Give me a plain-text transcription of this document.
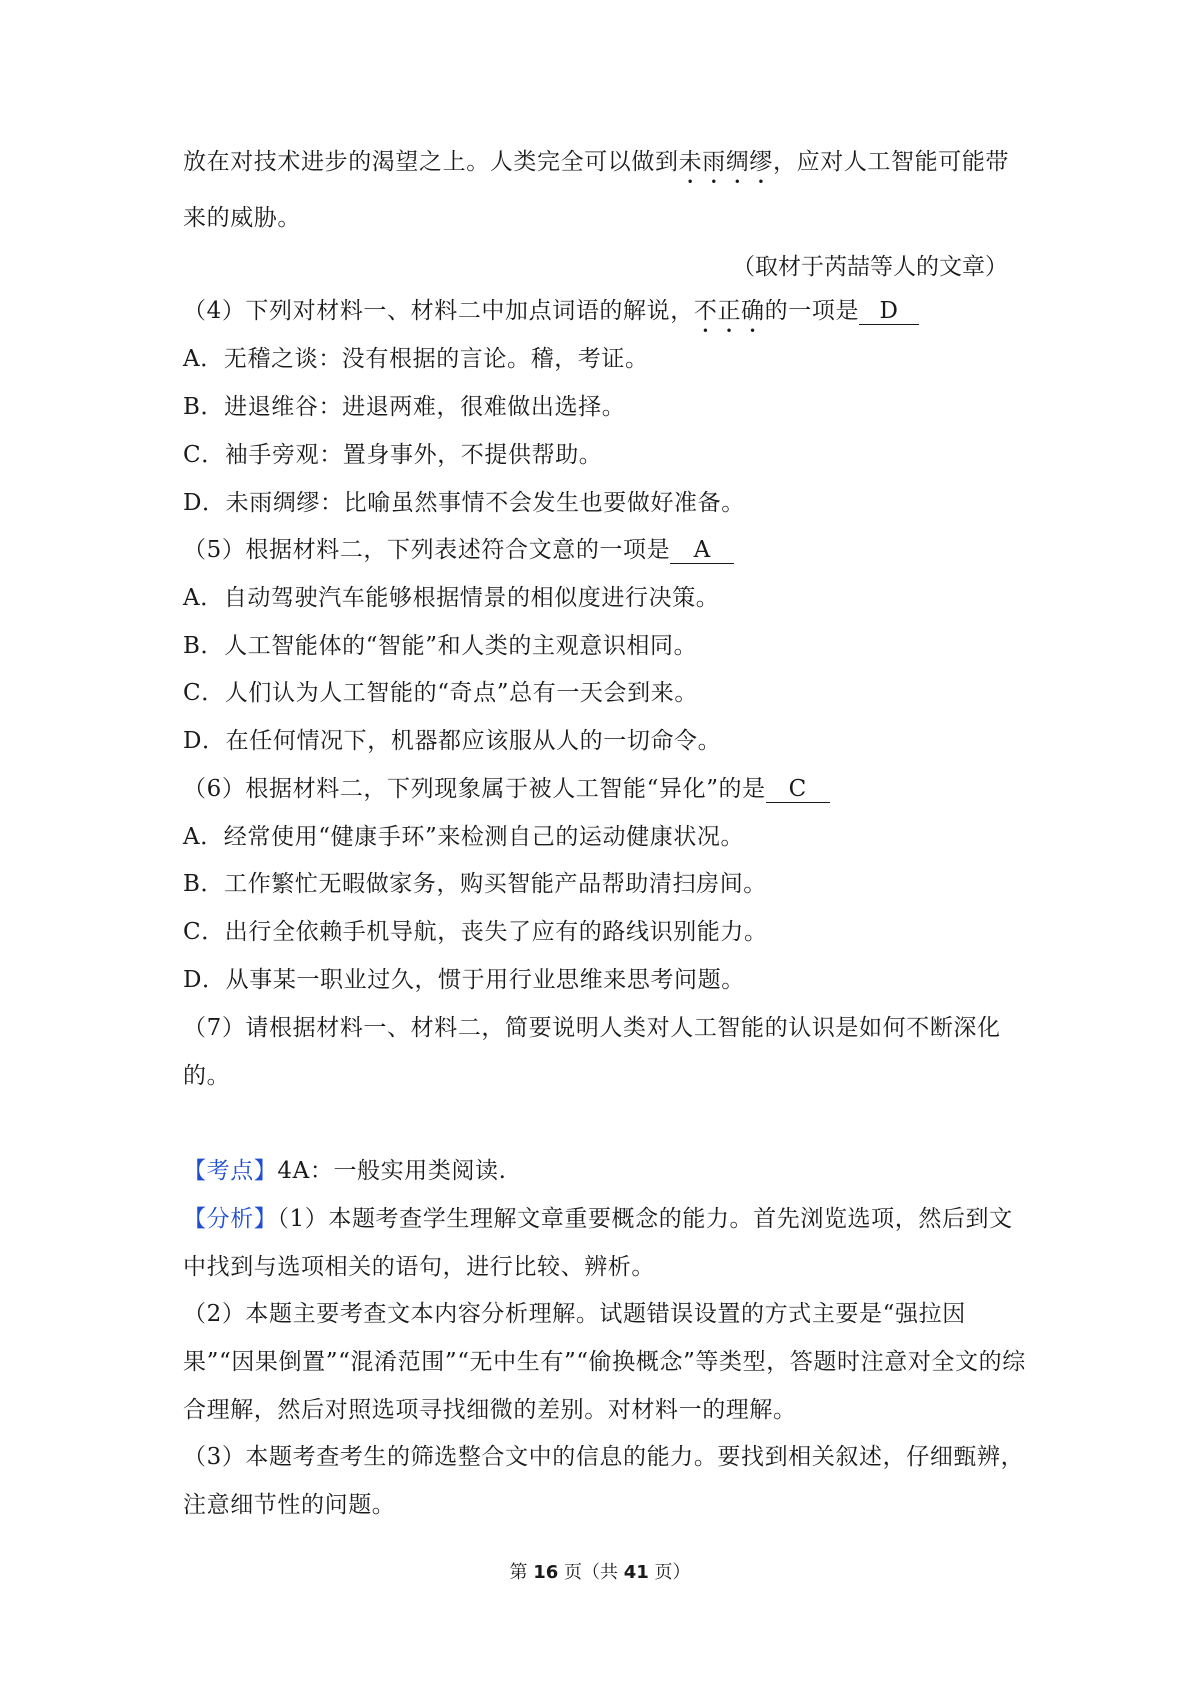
放在对技术进步的渴望之上。人类完全可以做到未雨绸缪，应对人工智能可能带
来的威胁。
（取材于芮喆等人的文章）
（4）下列对材料一、材料二中加点词语的解说，不正确的一项是 D
A．无稽之谈：没有根据的言论。稽，考证。
B．进退维谷：进退两难，很难做出选择。
C．袖手旁观：置身事外，不提供帮助。
D．未雨绸缪：比喻虽然事情不会发生也要做好准备。
（5）根据材料二，下列表述符合文意的一项是 A
A．自动驾驶汽车能够根据情景的相似度进行决策。
B．人工智能体的“智能”和人类的主观意识相同。
C．人们认为人工智能的“奇点”总有一天会到来。
D．在任何情况下，机器都应该服从人的一切命令。
（6）根据材料二，下列现象属于被人工智能“异化”的是 C
A．经常使用“健康手环”来检测自己的运动健康状况。
B．工作繁忙无暇做家务，购买智能产品帮助清扫房间。
C．出行全依赖手机导航，丧失了应有的路线识别能力。
D．从事某一职业过久，惯于用行业思维来思考问题。
（7）请根据材料一、材料二，简要说明人类对人工智能的认识是如何不断深化
的。
【考点】4A：一般实用类阅读.
【分析】（1）本题考查学生理解文章重要概念的能力。首先浏览选项，然后到文
中找到与选项相关的语句，进行比较、辨析。
（2）本题主要考查文本内容分析理解。试题错误设置的方式主要是“强拉因
果”“因果倒置”“混淆范围”“无中生有”“偷换概念”等类型，答题时注意对全文的综
合理解，然后对照选项寻找细微的差别。对材料一的理解。
（3）本题考查考生的筛选整合文中的信息的能力。要找到相关叙述，仔细甄辨，
注意细节性的问题。
第 16 页（共 41 页）
